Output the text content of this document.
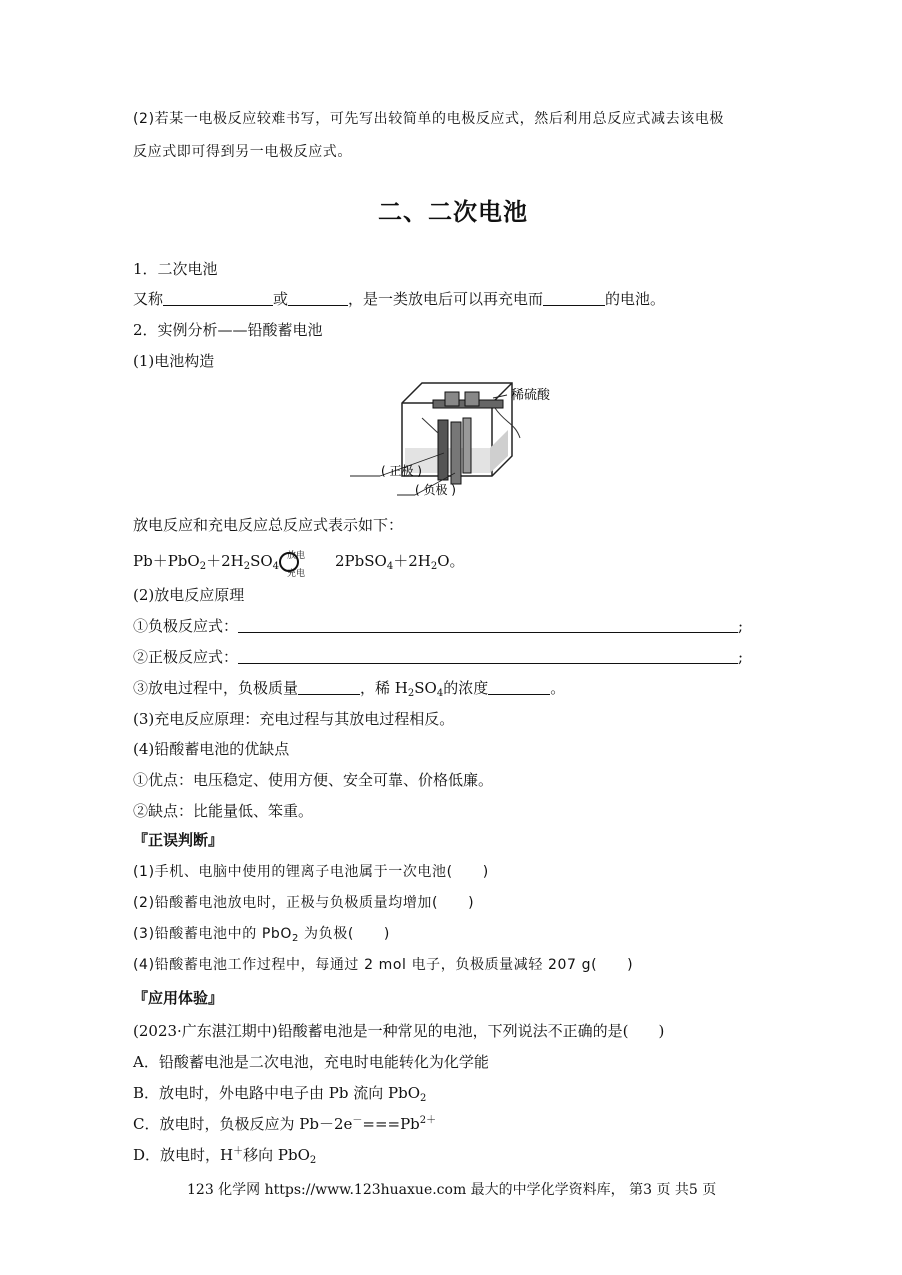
(2)若某一电极反应较难书写，可先写出较简单的电极反应式，然后利用总反应式减去该电极
反应式即可得到另一电极反应式。
二、二次电池
1．二次电池
又称	或	，是一类放电后可以再充电而	的电池。
2．实例分析——铅酸蓄电池
(1)电池构造
稀硫酸
( 正极 )
( 负极 )
放电反应和充电反应总反应式表示如下：
$Pb+PbO_2+2H_2SO_4$
放电
充电
$2PbSO_4+2H_2O$。
(2)放电反应原理
①负极反应式：	;
②正极反应式：	;
③放电过程中，负极质量	，稀 $H_2SO_4$的浓度	。
(3)充电反应原理：充电过程与其放电过程相反。
(4)铅酸蓄电池的优缺点
①优点：电压稳定、使用方便、安全可靠、价格低廉。
②缺点：比能量低、笨重。
『正误判断』
(1)手机、电脑中使用的锂离子电池属于一次电池( )
(2)铅酸蓄电池放电时，正极与负极质量均增加( )
(3)铅酸蓄电池中的 PbO$_2$ 为负极( )
(4)铅酸蓄电池工作过程中，每通过 2 mol 电子，负极质量减轻 207 g( )
『应用体验』
(2023·广东湛江期中)铅酸蓄电池是一种常见的电池，下列说法不正确的是( )
A．铅酸蓄电池是二次电池，充电时电能转化为化学能
B．放电时，外电路中电子由 Pb 流向 PbO$_2$
C．放电时，负极反应为 $Pb-2e^-===Pb^{2+}$
D．放电时，H＋移向 PbO$_2$
123 化学网 https://www.123huaxue.com 最大的中学化学资料库， 第3 页 共5 页
